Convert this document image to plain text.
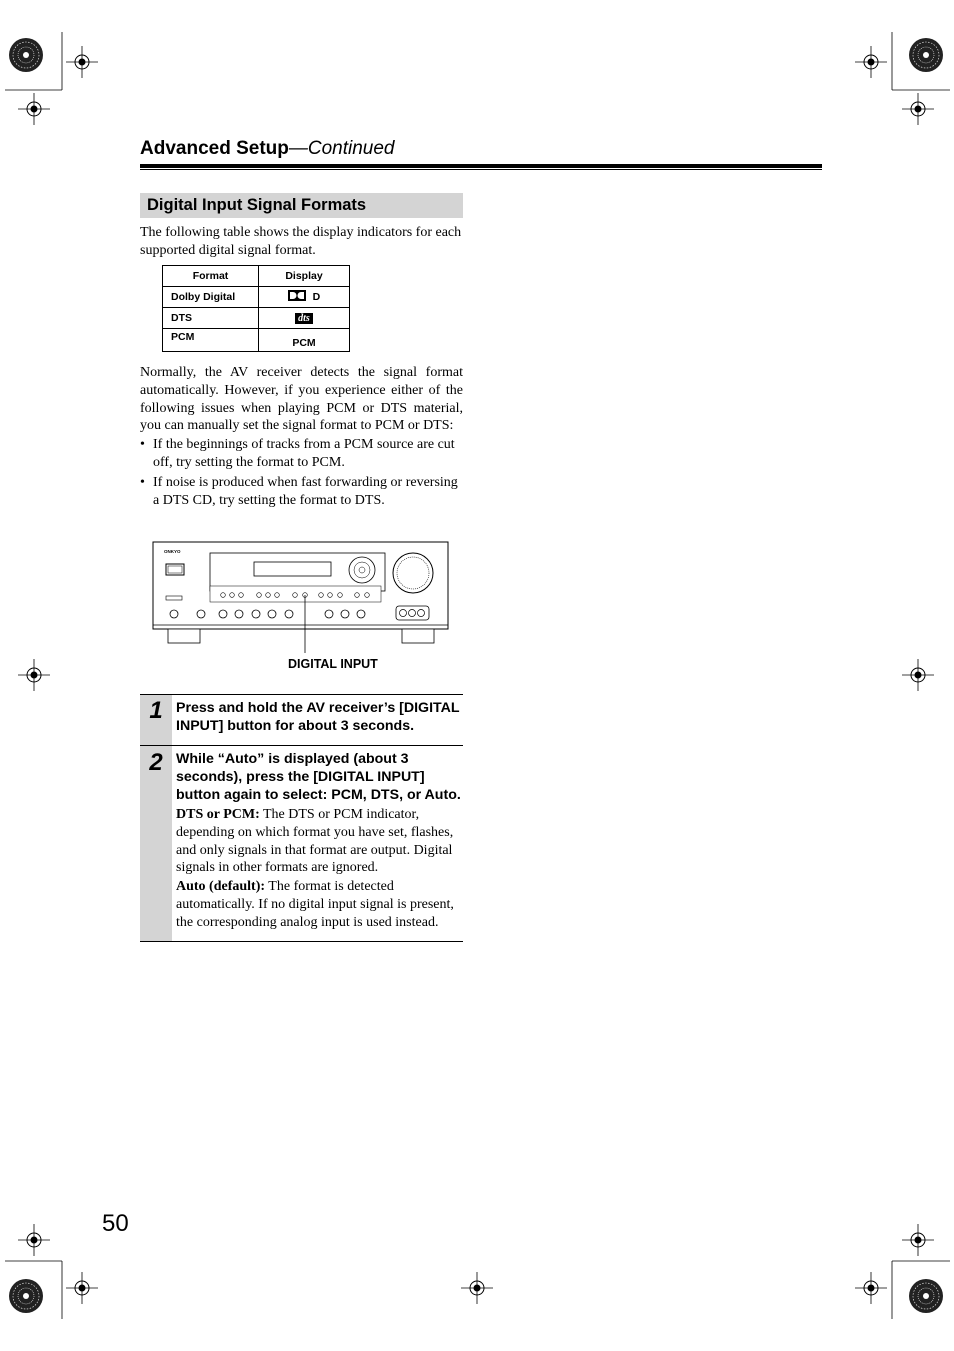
Advanced Setup—Continued
Digital Input Signal Formats
The following table shows the display indicators for each supported digital signal format.
Format	Display
Dolby Digital	D
DTS	dts
PCM	PCM
Normally, the AV receiver detects the signal format automatically. However, if you experience either of the following issues when playing PCM or DTS material, you can manually set the signal format to PCM or DTS:
• If the beginnings of tracks from a PCM source are cut off, try setting the format to PCM.
• If noise is produced when fast forwarding or reversing a DTS CD, try setting the format to DTS.
ONKYO
DIGITAL INPUT
1 Press and hold the AV receiver’s [DIGITAL INPUT] button for about 3 seconds.
2 While “Auto” is displayed (about 3 seconds), press the [DIGITAL INPUT] button again to select: PCM, DTS, or Auto.
DTS or PCM: The DTS or PCM indicator, depending on which format you have set, flashes, and only signals in that format are output. Digital signals in other formats are ignored.
Auto (default): The format is detected automatically. If no digital input signal is present, the corresponding analog input is used instead.
50
